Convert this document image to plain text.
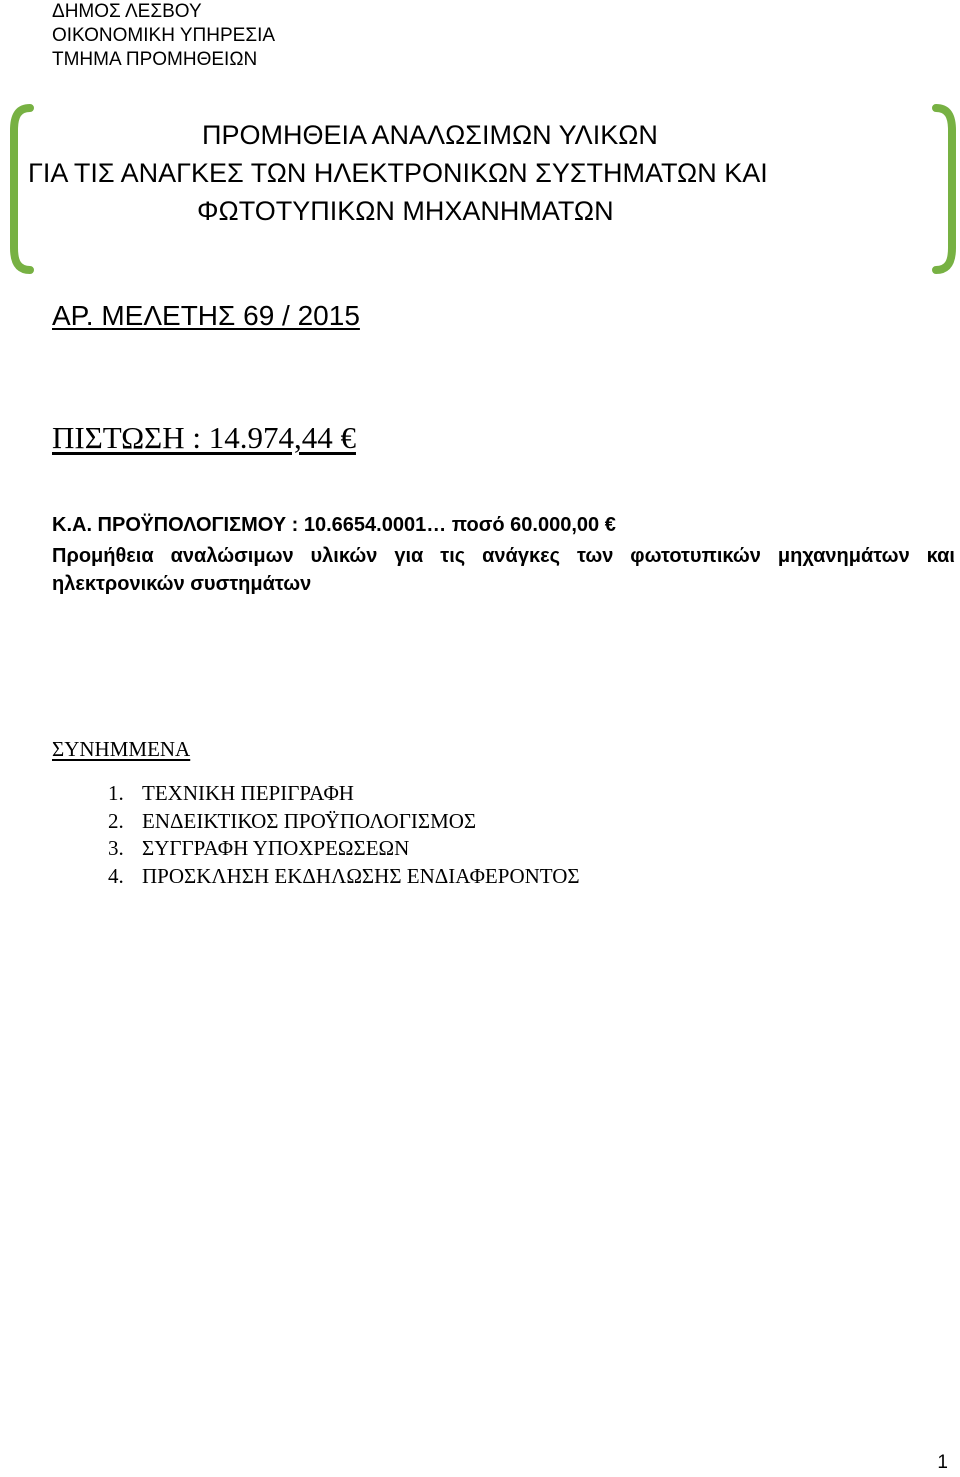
ΔΗΜΟΣ ΛΕΣΒΟΥ
ΟΙΚΟΝΟΜΙΚΗ ΥΠΗΡΕΣΙΑ
ΤΜΗΜΑ ΠΡΟΜΗΘΕΙΩΝ
ΠΡΟΜΗΘΕΙΑ ΑΝΑΛΩΣΙΜΩΝ ΥΛΙΚΩΝ
ΓΙΑ ΤΙΣ ΑΝΑΓΚΕΣ ΤΩΝ ΗΛΕΚΤΡΟΝΙΚΩΝ ΣΥΣΤΗΜΑΤΩΝ ΚΑΙ
ΦΩΤΟΤΥΠΙΚΩΝ ΜΗΧΑΝΗΜΑΤΩΝ
ΑΡ. ΜΕΛΕΤΗΣ 69 / 2015
ΠΙΣΤΩΣΗ : 14.974,44 €
Κ.Α. ΠΡΟΫΠΟΛΟΓΙΣΜΟΥ : 10.6654.0001… ποσό 60.000,00 €
Προμήθεια αναλώσιμων υλικών για τις ανάγκες των φωτοτυπικών μηχανημάτων και ηλεκτρονικών συστημάτων
ΣΥΝΗΜΜΕΝΑ
1. ΤΕΧΝΙΚΗ ΠΕΡΙΓΡΑΦΗ
2. ΕΝΔΕΙΚΤΙΚΟΣ ΠΡΟΫΠΟΛΟΓΙΣΜΟΣ
3. ΣΥΓΓΡΑΦΗ ΥΠΟΧΡΕΩΣΕΩΝ
4. ΠΡΟΣΚΛΗΣΗ ΕΚΔΗΛΩΣΗΣ ΕΝΔΙΑΦΕΡΟΝΤΟΣ
1
